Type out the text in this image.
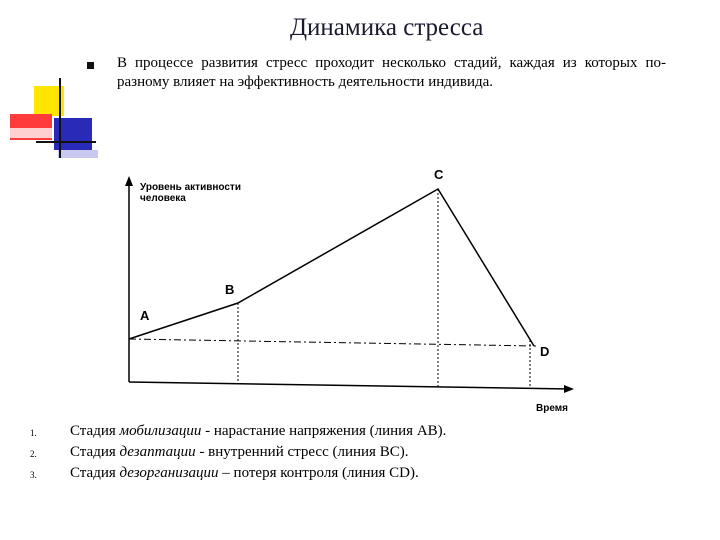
Динамика стресса
В процессе развития стресс проходит несколько стадий, каждая из которых по-разному влияет на эффективность деятельности индивида.
Уровень активности
человека
Время
A
B
C
D
1.	Стадия мобилизации - нарастание напряжения (линия AB).
2.	Стадия дезаптации - внутренний стресс (линия BC).
3.	Стадия дезорганизации – потеря контроля (линия CD).
